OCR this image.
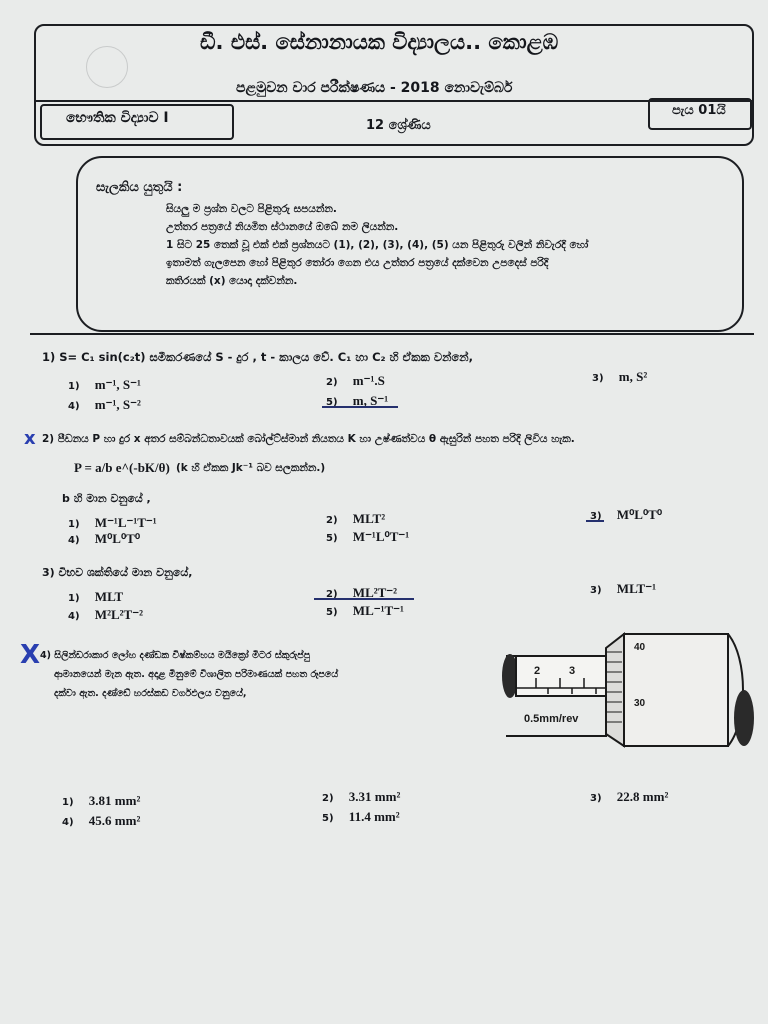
ඩී. එස්. සේනානායක විද්‍යාලය.. කොළඹ
පළමුවන වාර පරීක්ෂණය - 2018 නොවැම්බර්
භෞතික විද්‍යාව I	12 ශ්‍රේණිය
පැය 01යි
සැලකිය යුතුයි :
සියලු ම ප්‍රශ්න වලට පිළිතුරු සපයන්න.
උත්තර පත්‍රයේ නියමිත ස්ථානයේ ඔබේ නම ලියන්න.
1 සිට 25 තෙක් වූ එක් එක් ප්‍රශ්නයට (1), (2), (3), (4), (5) යන පිළිතුරු වලින් නිවැරදි හෝ
ඉතාමත් ගැලපෙන හෝ පිළිතුර තෝරා ගෙන එය උත්තර පත්‍රයේ දක්වෙන උපදෙස් පරිදි
කතිරයක් (x) යොදා දක්වන්න.
1) S= C₁ sin(c₂t) සමීකරණයේ S - දුර , t - කාලය වේ. C₁ හා C₂ හි ඒකක වන්නේ,
1) m⁻¹, S⁻¹	2) m⁻¹.S	3) m, S²
4) m⁻¹, S⁻²	5) m, S⁻¹
x 2) පීඩනය P හා දුර x අතර සම්බන්ධතාවයක් බෝල්ට්ස්මාන් නියතය K හා උෂ්ණත්වය θ ඇසුරින් පහත පරිදි ලිවිය හැක.
P = a/b e^(-bK/θ) (k හි ඒකක Jk⁻¹ බව සලකන්න.)
b හි මාන වනුයේ ,
1) M⁻¹L⁻¹T⁻¹	2) MLT²	3) M⁰L⁰T⁰
4) M⁰L⁰T⁰	5) M⁻¹L⁰T⁻¹
3) විභව ශක්තියේ මාන වනුයේ,
1) MLT	2) ML²T⁻²	3) MLT⁻¹
4) M²L²T⁻²	5) ML⁻¹T⁻¹
X 4) සිලින්ඩරාකාර ලෝහ දණ්ඩක විෂ්කම්භය මයික්‍රෝ මීටර ස්කුරුප්පු
ආමානයෙන් මැන ඇත. අදාළ මිනුමේ විශාලිත පරිමාණයක් පහත රූපයේ
දක්වා ඇත. දණ්ඩේ හරස්කඩ වර්ගඵලය වනුයේ,
2	3
0.5mm/rev
40
30
1) 3.81 mm²	2) 3.31 mm²	3) 22.8 mm²
4) 45.6 mm²	5) 11.4 mm²
